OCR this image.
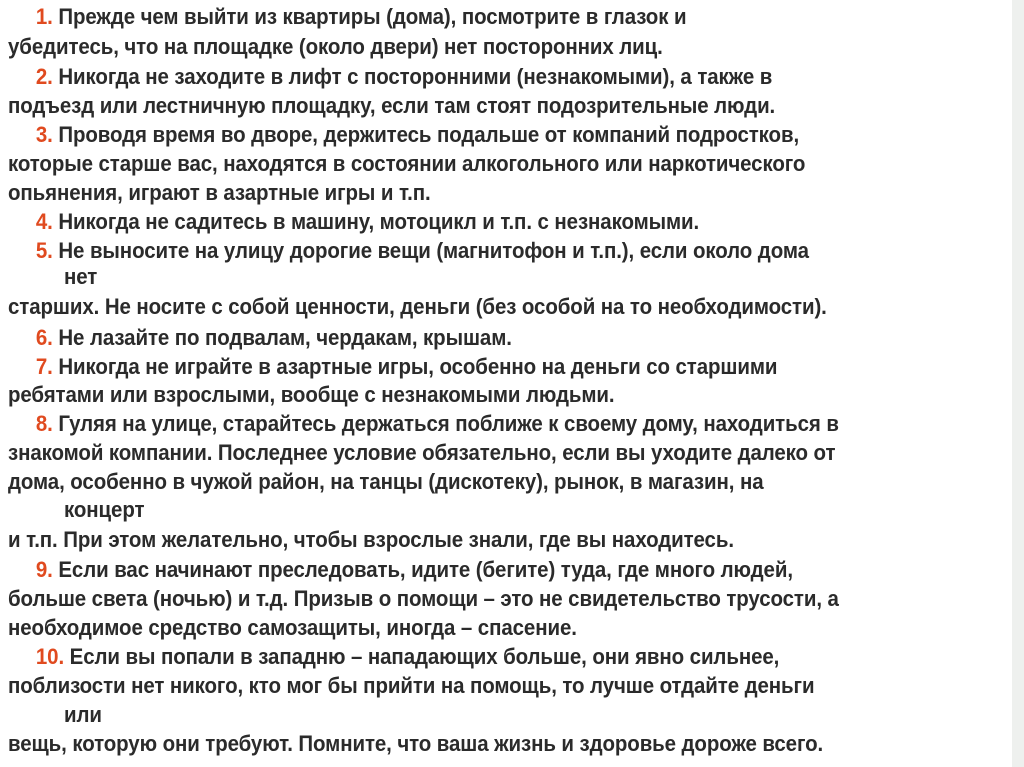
1. Прежде чем выйти из квартиры (дома), посмотрите в глазок и
убедитесь, что на площадке (около двери) нет посторонних лиц.
2. Никогда не заходите в лифт с посторонними (незнакомыми), а также в
подъезд или лестничную площадку, если там стоят подозрительные люди.
3. Проводя время во дворе, держитесь подальше от компаний подростков,
которые старше вас, находятся в состоянии алкогольного или наркотического
опьянения, играют в азартные игры и т.п.
4. Никогда не садитесь в машину, мотоцикл и т.п. с незнакомыми.
5. Не выносите на улицу дорогие вещи (магнитофон и т.п.), если около дома
нет
старших. Не носите с собой ценности, деньги (без особой на то необходимости).
6. Не лазайте по подвалам, чердакам, крышам.
7. Никогда не играйте в азартные игры, особенно на деньги со старшими
ребятами или взрослыми, вообще с незнакомыми людьми.
8. Гуляя на улице, старайтесь держаться поближе к своему дому, находиться в
знакомой компании. Последнее условие обязательно, если вы уходите далеко от
дома, особенно в чужой район, на танцы (дискотеку), рынок, в магазин, на
концерт
и т.п. При этом желательно, чтобы взрослые знали, где вы находитесь.
9. Если вас начинают преследовать, идите (бегите) туда, где много людей,
больше света (ночью) и т.д. Призыв о помощи – это не свидетельство трусости, а
необходимое средство самозащиты, иногда – спасение.
10. Если вы попали в западню – нападающих больше, они явно сильнее,
поблизости нет никого, кто мог бы прийти на помощь, то лучше отдайте деньги
или
вещь, которую они требуют. Помните, что ваша жизнь и здоровье дороже всего.
